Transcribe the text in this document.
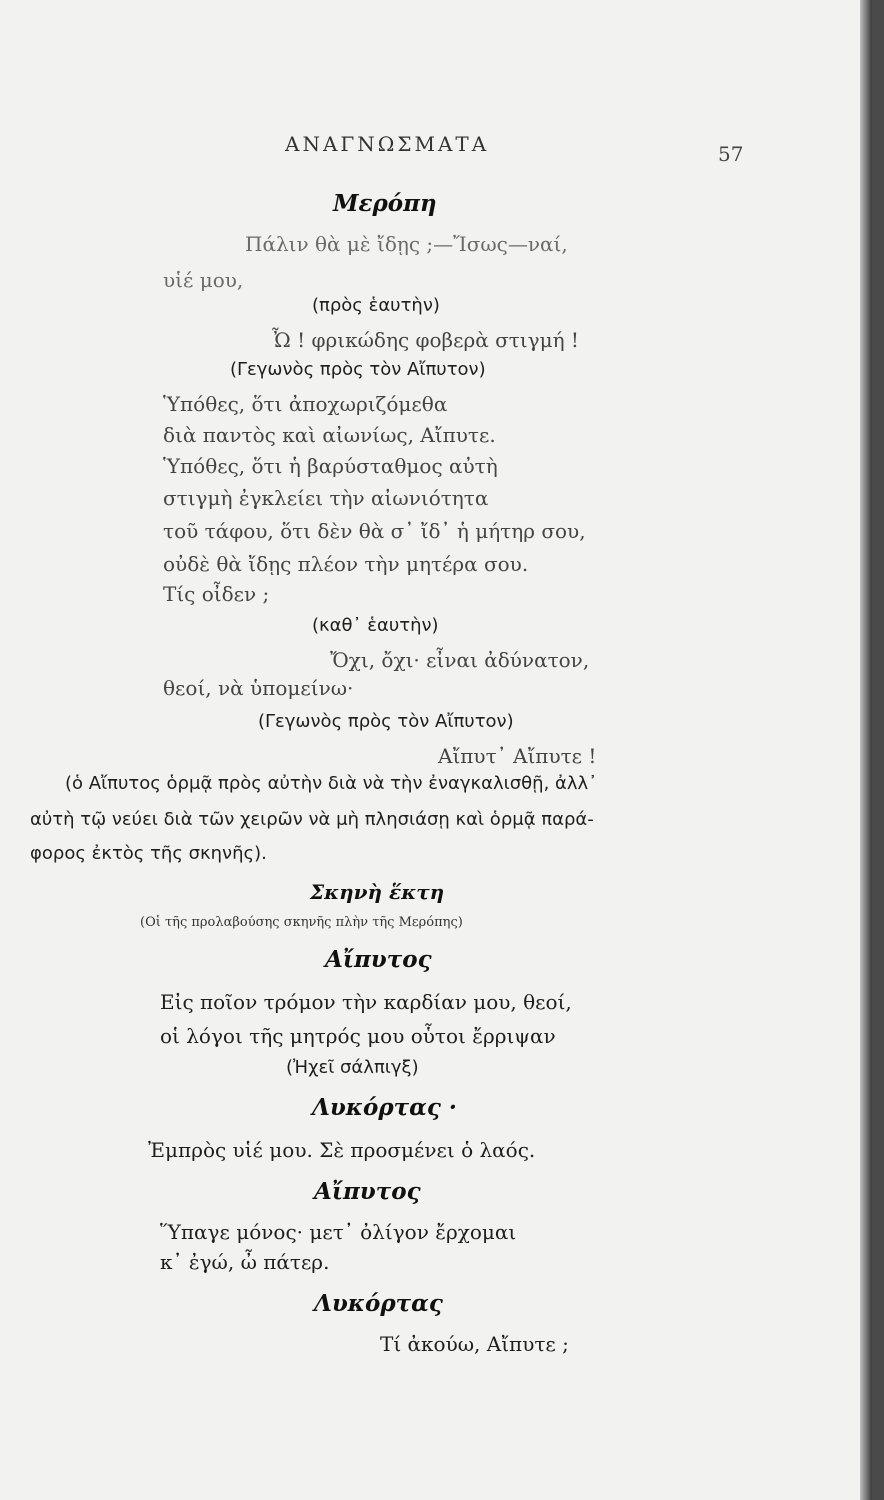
ΑΝΑΓΝΩΣΜΑΤΑ	57
Μερόπη
Πάλιν θὰ μὲ ἴδῃς ;—Ἴσως—ναί,
υἱέ μου,
(πρὸς ἑαυτὴν)
Ὦ ! φρικώδης φοβερὰ στιγμή !
(Γεγωνὸς πρὸς τὸν Αἴπυτον)
Ὑπόθες, ὅτι ἀποχωριζόμεθα
διὰ παντὸς καὶ αἰωνίως, Αἴπυτε.
Ὑπόθες, ὅτι ἡ βαρύσταθμος αὐτὴ
στιγμὴ ἐγκλείει τὴν αἰωνιότητα
τοῦ τάφου, ὅτι δὲν θὰ σ᾿ ἴδ᾿ ἡ μήτηρ σου,
οὐδὲ θὰ ἴδῃς πλέον τὴν μητέρα σου.
Τίς οἶδεν ;
(καθ᾿ ἑαυτὴν)
Ὄχι, ὄχι· εἶναι ἀδύνατον,
θεοί, νὰ ὑπομείνω·
(Γεγωνὸς πρὸς τὸν Αἴπυτον)
Αἴπυτ᾿ Αἴπυτε !
(ὁ Αἴπυτος ὁρμᾷ πρὸς αὐτὴν διὰ νὰ τὴν ἐναγκαλισθῇ, ἀλλ᾿
αὐτὴ τῷ νεύει διὰ τῶν χειρῶν νὰ μὴ πλησιάσῃ καὶ ὁρμᾷ παρά-
φορος ἐκτὸς τῆς σκηνῆς).
Σκηνὴ ἕκτη
(Οἱ τῆς προλαβούσης σκηνῆς πλὴν τῆς Μερόπης)
Αἴπυτος
Εἰς ποῖον τρόμον τὴν καρδίαν μου, θεοί,
οἱ λόγοι τῆς μητρός μου οὗτοι ἔρριψαν
(Ἠχεῖ σάλπιγξ)
Λυκόρτας ·
Ἐμπρὸς υἱέ μου. Σὲ προσμένει ὁ λαός.
Αἴπυτος
Ὕπαγε μόνος· μετ᾿ ὀλίγον ἔρχομαι
κ᾿ ἐγώ, ὦ πάτερ.
Λυκόρτας
Τί ἀκούω, Αἴπυτε ;
